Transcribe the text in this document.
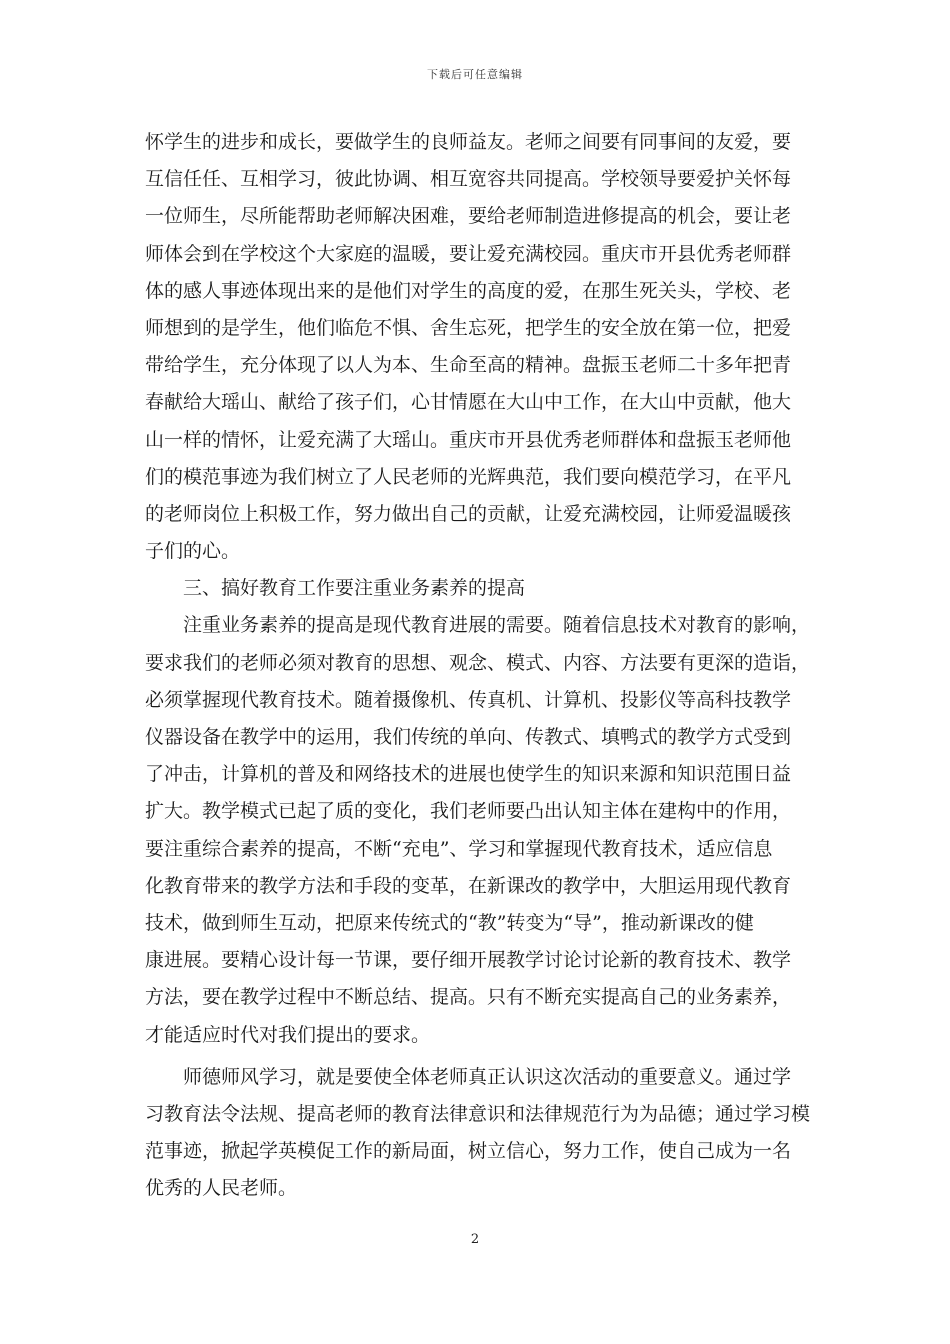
下载后可任意编辑
怀学生的进步和成长，要做学生的良师益友。老师之间要有同事间的友爱，要
互信任任、互相学习，彼此协调、相互宽容共同提高。学校领导要爱护关怀每
一位师生，尽所能帮助老师解决困难，要给老师制造进修提高的机会，要让老
师体会到在学校这个大家庭的温暖，要让爱充满校园。重庆市开县优秀老师群
体的感人事迹体现出来的是他们对学生的高度的爱，在那生死关头，学校、老
师想到的是学生，他们临危不惧、舍生忘死，把学生的安全放在第一位，把爱
带给学生，充分体现了以人为本、生命至高的精神。盘振玉老师二十多年把青
春献给大瑶山、献给了孩子们，心甘情愿在大山中工作，在大山中贡献，他大
山一样的情怀，让爱充满了大瑶山。重庆市开县优秀老师群体和盘振玉老师他
们的模范事迹为我们树立了人民老师的光辉典范，我们要向模范学习，在平凡
的老师岗位上积极工作，努力做出自己的贡献，让爱充满校园，让师爱温暖孩
子们的心。
三、搞好教育工作要注重业务素养的提高
注重业务素养的提高是现代教育进展的需要。随着信息技术对教育的影响，
要求我们的老师必须对教育的思想、观念、模式、内容、方法要有更深的造诣，
必须掌握现代教育技术。随着摄像机、传真机、计算机、投影仪等高科技教学
仪器设备在教学中的运用，我们传统的单向、传教式、填鸭式的教学方式受到
了冲击，计算机的普及和网络技术的进展也使学生的知识来源和知识范围日益
扩大。教学模式已起了质的变化，我们老师要凸出认知主体在建构中的作用，
要注重综合素养的提高，不断“充电”、学习和掌握现代教育技术，适应信息
化教育带来的教学方法和手段的变革，在新课改的教学中，大胆运用现代教育
技术，做到师生互动，把原来传统式的“教”转变为“导”，推动新课改的健
康进展。要精心设计每一节课，要仔细开展教学讨论讨论新的教育技术、教学
方法，要在教学过程中不断总结、提高。只有不断充实提高自己的业务素养，
才能适应时代对我们提出的要求。
师德师风学习，就是要使全体老师真正认识这次活动的重要意义。通过学
习教育法令法规、提高老师的教育法律意识和法律规范行为为品德；通过学习模
范事迹，掀起学英模促工作的新局面，树立信心，努力工作，使自己成为一名
优秀的人民老师。
2
